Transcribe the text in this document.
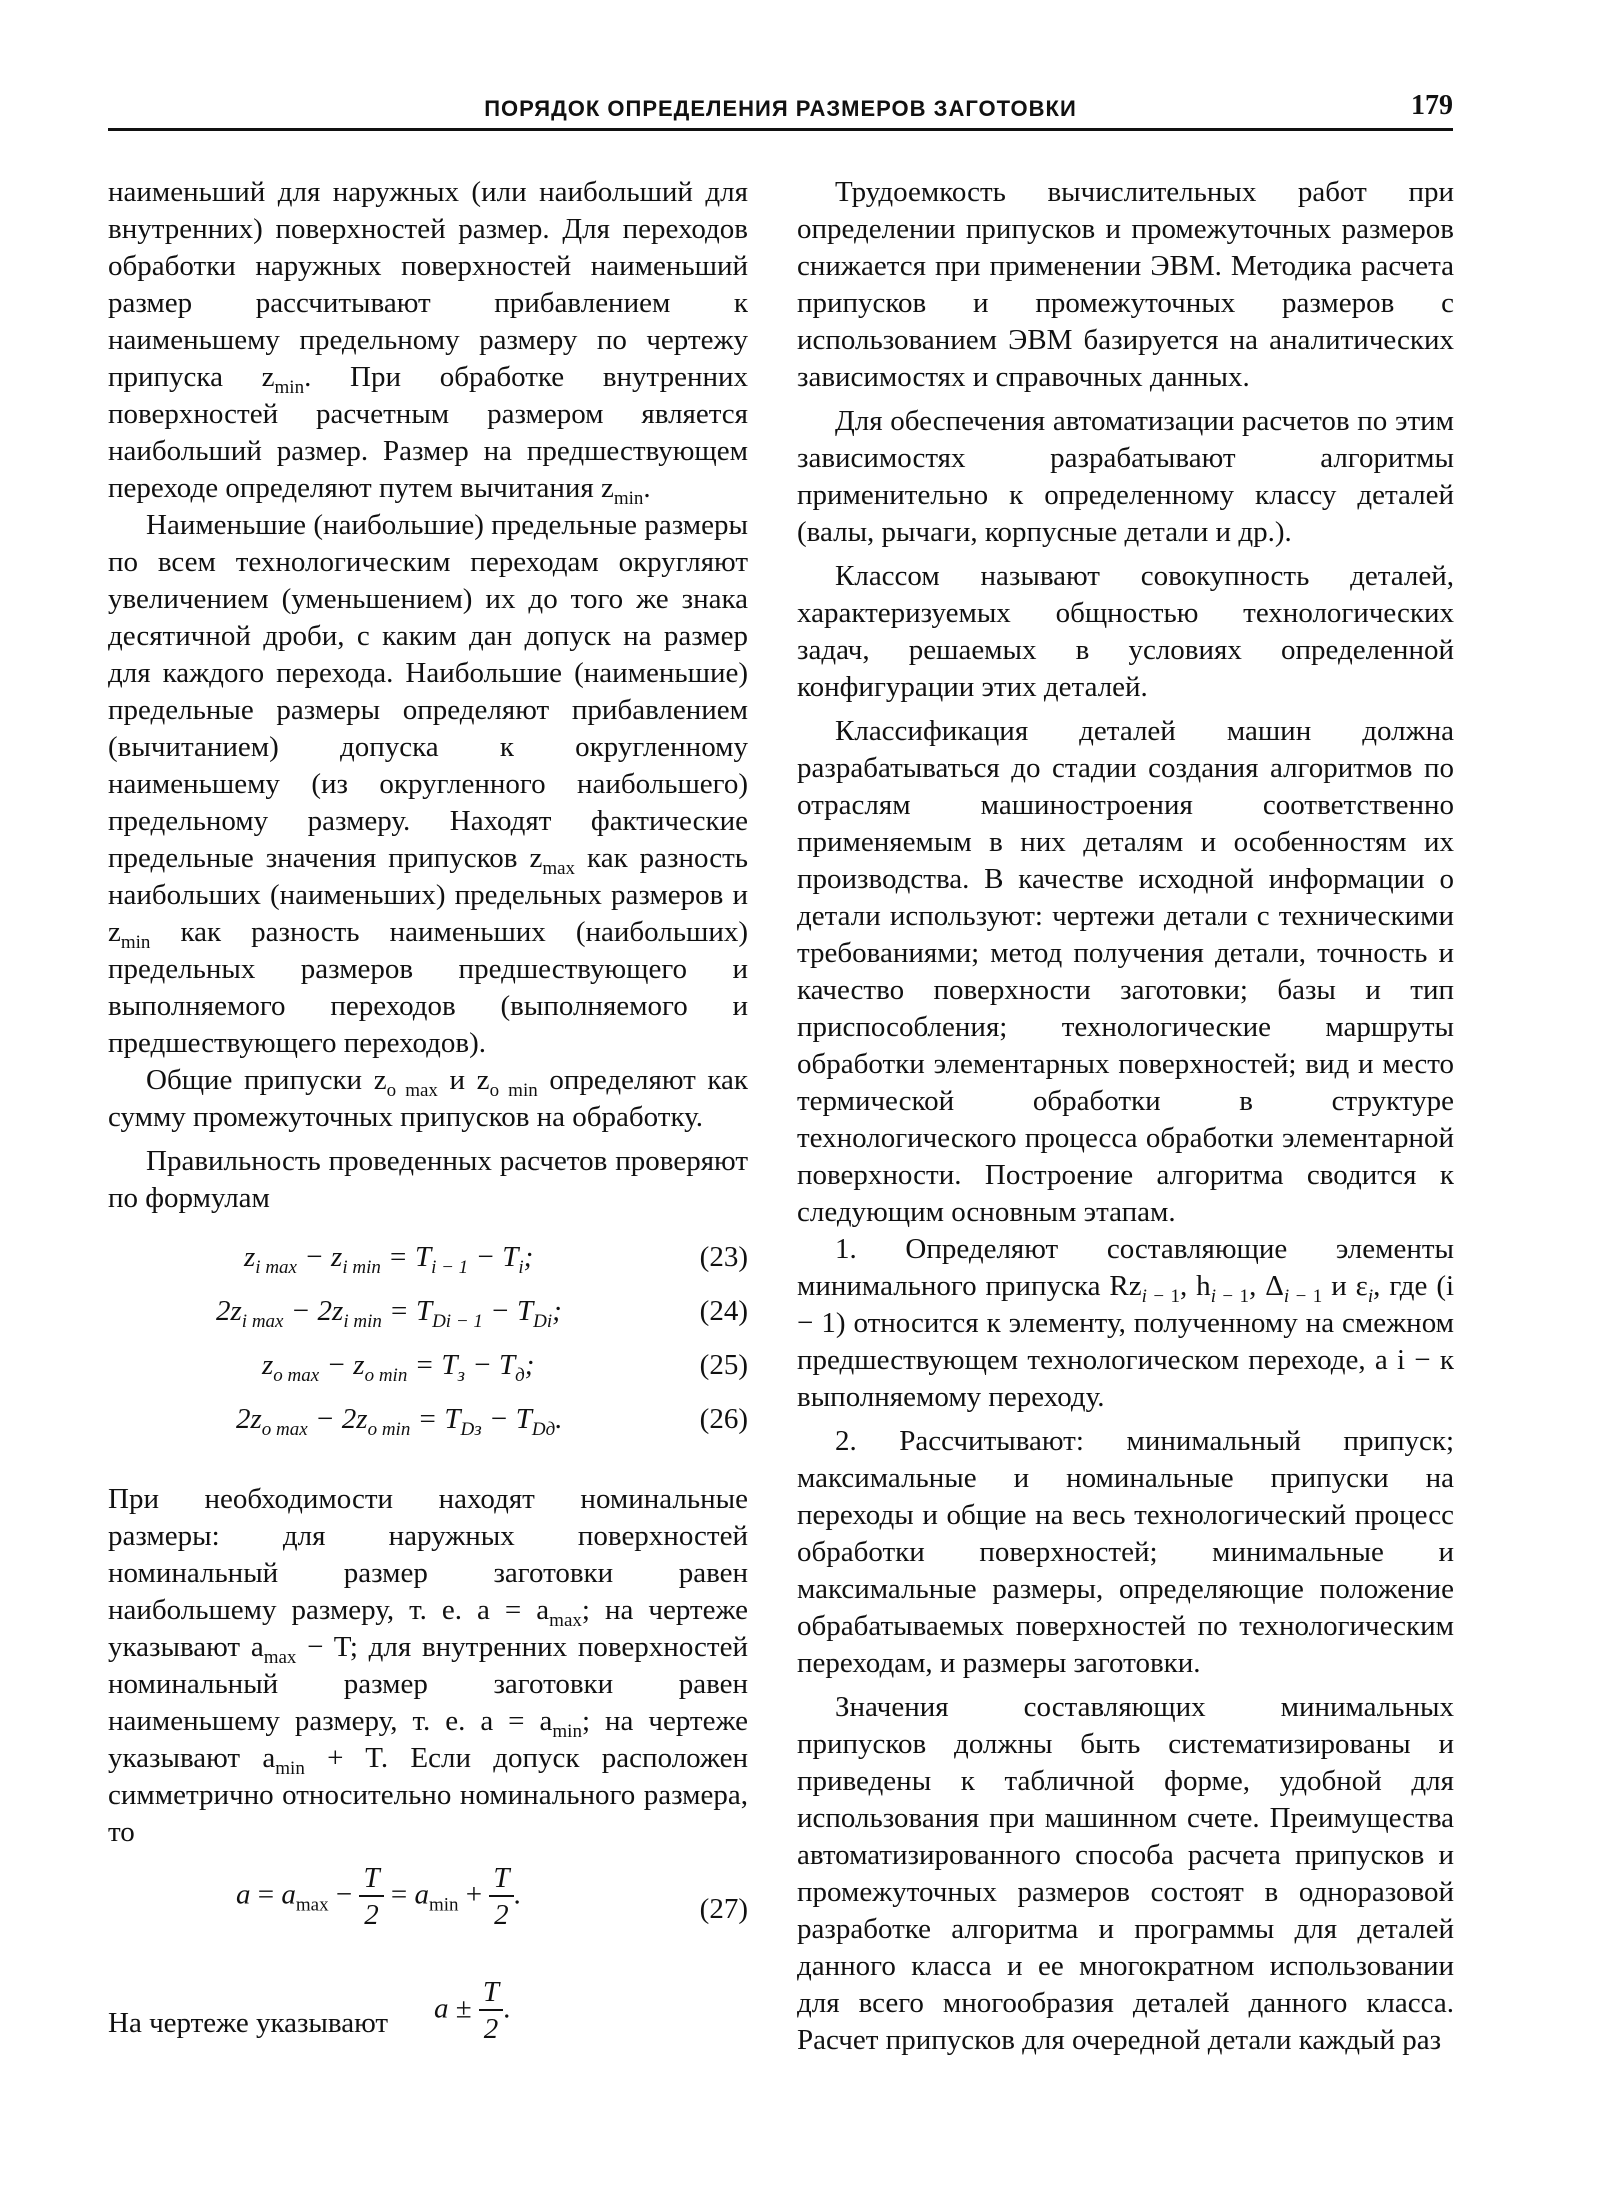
ПОРЯДОК ОПРЕДЕЛЕНИЯ РАЗМЕРОВ ЗАГОТОВКИ	179

наименьший для наружных (или наибольший для внутренних) поверхностей размер. Для переходов обработки наружных поверхностей наименьший размер рассчитывают прибавлением к наименьшему предельному размеру по чертежу припуска $z_{min}$. При обработке внутренних поверхностей расчетным размером является наибольший размер. Размер на предшествующем переходе определяют путем вычитания $z_{min}$.

Наименьшие (наибольшие) предельные размеры по всем технологическим переходам округляют увеличением (уменьшением) их до того же знака десятичной дроби, с каким дан допуск на размер для каждого перехода. Наибольшие (наименьшие) предельные размеры определяют прибавлением (вычитанием) допуска к округленному наименьшему (из округленного наибольшего) предельному размеру. Находят фактические предельные значения припусков $z_{max}$ как разность наибольших (наименьших) предельных размеров и $z_{min}$ как разность наименьших (наибольших) предельных размеров предшествующего и выполняемого переходов (выполняемого и предшествующего переходов).

Общие припуски $z_{o max}$ и $z_{o min}$ определяют как сумму промежуточных припусков на обработку.

Правильность проведенных расчетов проверяют по формулам

$z_{i max} - z_{i min} = T_{i - 1} - T_i$;	(23)
$2z_{i max} - 2z_{i min} = T_{Di - 1} - T_{Di}$;	(24)
$z_{o max} - z_{o min} = T_з - T_д$;	(25)
$2z_{o max} - 2z_{o min} = T_{Dз} - T_{Dд}$.	(26)

При необходимости находят номинальные размеры: для наружных поверхностей номинальный размер заготовки равен наибольшему размеру, т. е. $a = a_{max}$; на чертеже указывают $a_{max} - T$; для внутренних поверхностей номинальный размер заготовки равен наименьшему размеру, т. е. $a = a_{min}$; на чертеже указывают $a_{min} + T$. Если допуск расположен симметрично относительно номинального размера, то

$a = a_{max} - \frac{T}{2} = a_{min} + \frac{T}{2}$ .	(27)
На чертеже указывают $a \pm \frac{T}{2}$ .

Трудоемкость вычислительных работ при определении припусков и промежуточных размеров снижается при применении ЭВМ. Методика расчета припусков и промежуточных размеров с использованием ЭВМ базируется на аналитических зависимостях и справочных данных.

Для обеспечения автоматизации расчетов по этим зависимостях разрабатывают алгоритмы применительно к определенному классу деталей (валы, рычаги, корпусные детали и др.).

Классом называют совокупность деталей, характеризуемых общностью технологических задач, решаемых в условиях определенной конфигурации этих деталей.

Классификация деталей машин должна разрабатываться до стадии создания алгоритмов по отраслям машиностроения соответственно применяемым в них деталям и особенностям их производства. В качестве исходной информации о детали используют: чертежи детали с техническими требованиями; метод получения детали, точность и качество поверхности заготовки; базы и тип приспособления; технологические маршруты обработки элементарных поверхностей; вид и место термической обработки в структуре технологического процесса обработки элементарной поверхности. Построение алгоритма сводится к следующим основным этапам.

1. Определяют составляющие элементы минимального припуска $Rz_{i - 1}$, $h_{i - 1}$, $\Delta_{i - 1}$ и $\varepsilon_i$, где (i − 1) относится к элементу, полученному на смежном предшествующем технологическом переходе, а i − к выполняемому переходу.

2. Рассчитывают: минимальный припуск; максимальные и номинальные припуски на переходы и общие на весь технологический процесс обработки поверхностей; минимальные и максимальные размеры, определяющие положение обрабатываемых поверхностей по технологическим переходам, и размеры заготовки.

Значения составляющих минимальных припусков должны быть систематизированы и приведены к табличной форме, удобной для использования при машинном счете. Преимущества автоматизированного способа расчета припусков и промежуточных размеров состоят в одноразовой разработке алгоритма и программы для деталей данного класса и ее многократном использовании для всего многообразия деталей данного класса. Расчет припусков для очередной детали каждый раз
